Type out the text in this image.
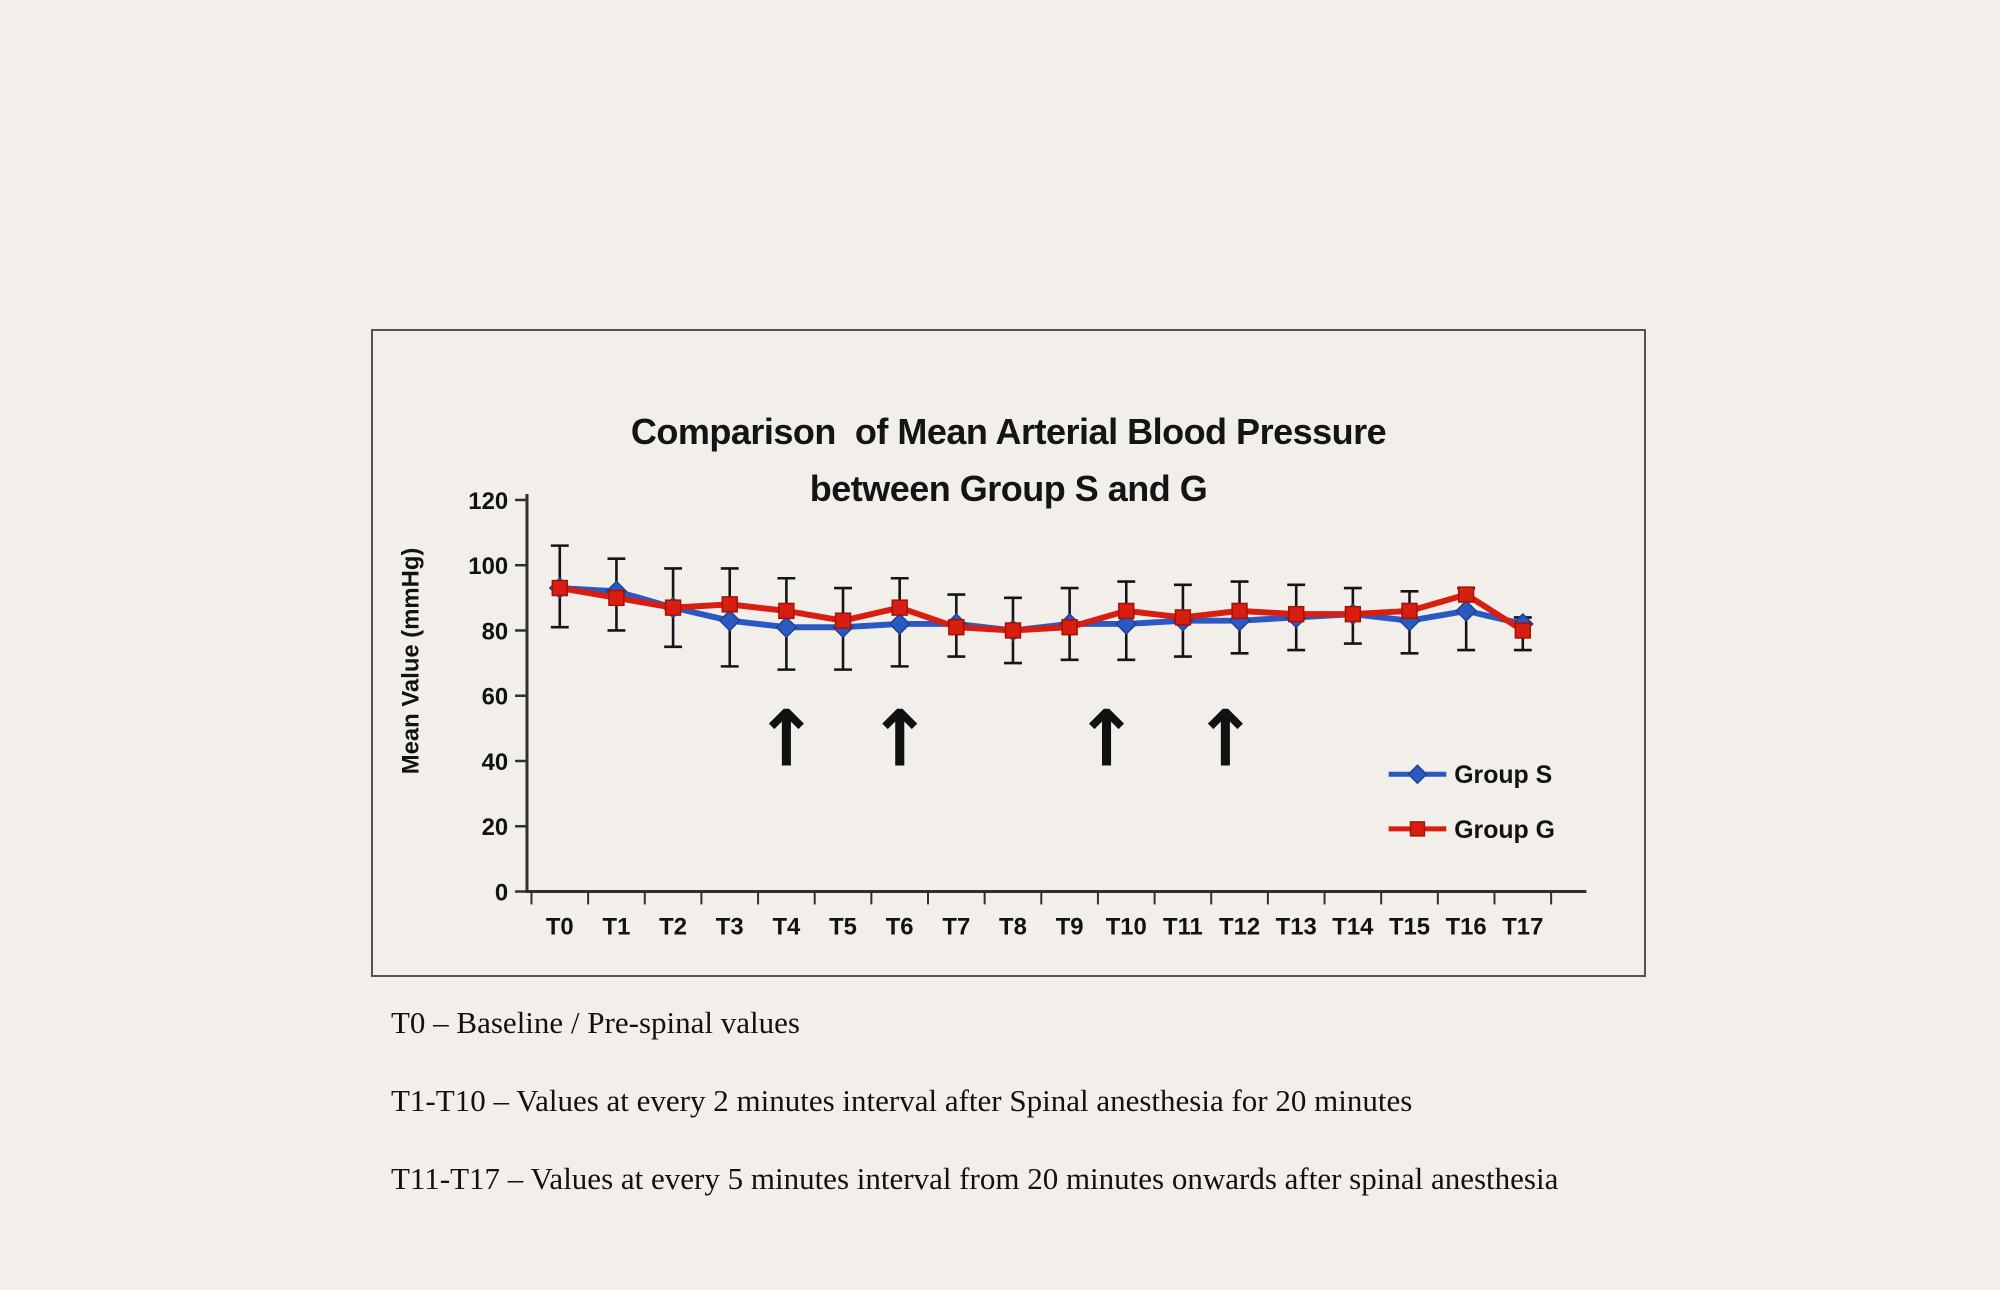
0
20
40
60
80
100
120
T0 T1 T2 T3 T4 T5 T6 T7 T8 T9 T10 T11 T12 T13 T14 T15 T16 T17
Mean Value (mmHg)	↑ ↑ ↑ ↑	Group S
Group G
Comparison  of Mean Arterial Blood Pressure
between Group S and G

T0 – Baseline / Pre-spinal values

T1-T10 – Values at every 2 minutes interval after Spinal anesthesia for 20 minutes

T11-T17 – Values at every 5 minutes interval from 20 minutes onwards after spinal anesthesia
